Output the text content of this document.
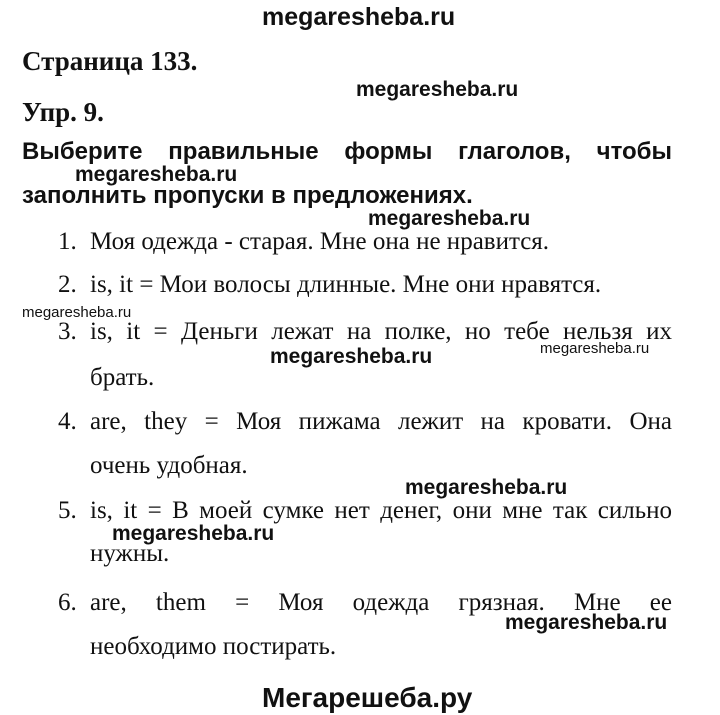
megaresheba.ru
Страница 133.
megaresheba.ru
Упр. 9.
Выберите правильные формы глаголов, чтобы
megaresheba.ru
заполнить пропуски в предложениях.
megaresheba.ru
1. Моя одежда - старая. Мне она не нравится.
2. is, it = Мои волосы длинные. Мне они нравятся.
megaresheba.ru
3. is, it = Деньги лежат на полке, но тебе нельзя их
megaresheba.ru
megaresheba.ru
брать.
4. are, they = Моя пижама лежит на кровати. Она
очень удобная.
megaresheba.ru
5. is, it = В моей сумке нет денег, они мне так сильно
megaresheba.ru
нужны.
6. are, them = Моя одежда грязная. Мне ее
megaresheba.ru
необходимо постирать.
Мегарешеба.ру
